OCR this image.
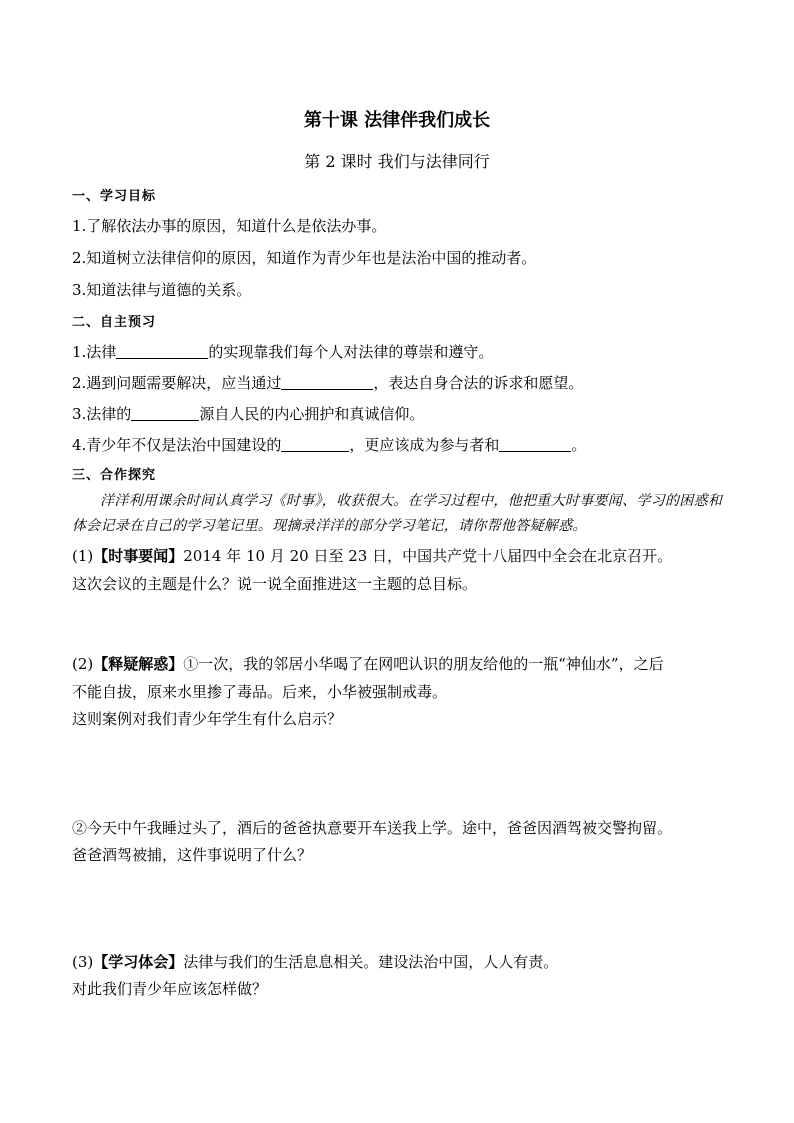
第十课 法律伴我们成长
第 2 课时 我们与法律同行
一、学习目标
1.了解依法办事的原因，知道什么是依法办事。
2.知道树立法律信仰的原因，知道作为青少年也是法治中国的推动者。
3.知道法律与道德的关系。
二、自主预习
1.法律	的实现靠我们每个人对法律的尊崇和遵守。
2.遇到问题需要解决，应当通过	，表达自身合法的诉求和愿望。
3.法律的	源自人民的内心拥护和真诚信仰。
4.青少年不仅是法治中国建设的	，更应该成为参与者和	。
三、合作探究
洋洋利用课余时间认真学习《时事》，收获很大。在学习过程中，他把重大时事要闻、学习的困惑和体会记录在自己的学习笔记里。现摘录洋洋的部分学习笔记，请你帮他答疑解惑。
(1)【时事要闻】2014 年 10 月 20 日至 23 日，中国共产党十八届四中全会在北京召开。
这次会议的主题是什么？说一说全面推进这一主题的总目标。
(2)【释疑解惑】①一次，我的邻居小华喝了在网吧认识的朋友给他的一瓶“神仙水”，之后
不能自拔，原来水里掺了毒品。后来，小华被强制戒毒。
这则案例对我们青少年学生有什么启示？
②今天中午我睡过头了，酒后的爸爸执意要开车送我上学。途中，爸爸因酒驾被交警拘留。
爸爸酒驾被捕，这件事说明了什么？
(3)【学习体会】法律与我们的生活息息相关。建设法治中国，人人有责。
对此我们青少年应该怎样做？
